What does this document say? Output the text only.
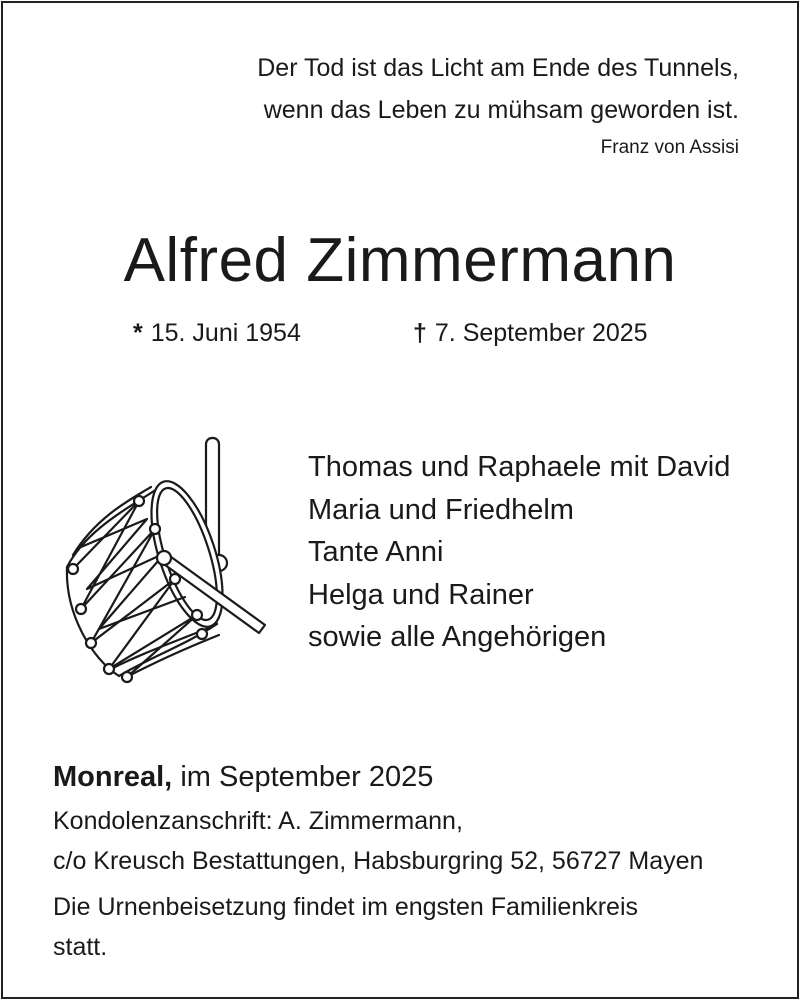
Der Tod ist das Licht am Ende des Tunnels,
wenn das Leben zu mühsam geworden ist.
Franz von Assisi
Alfred Zimmermann
* 15. Juni 1954	† 7. September 2025
Thomas und Raphaele mit David
Maria und Friedhelm
Tante Anni
Helga und Rainer
sowie alle Angehörigen
Monreal, im September 2025
Kondolenzanschrift: A. Zimmermann,
c/o Kreusch Bestattungen, Habsburgring 52, 56727 Mayen
Die Urnenbeisetzung findet im engsten Familienkreis
statt.
